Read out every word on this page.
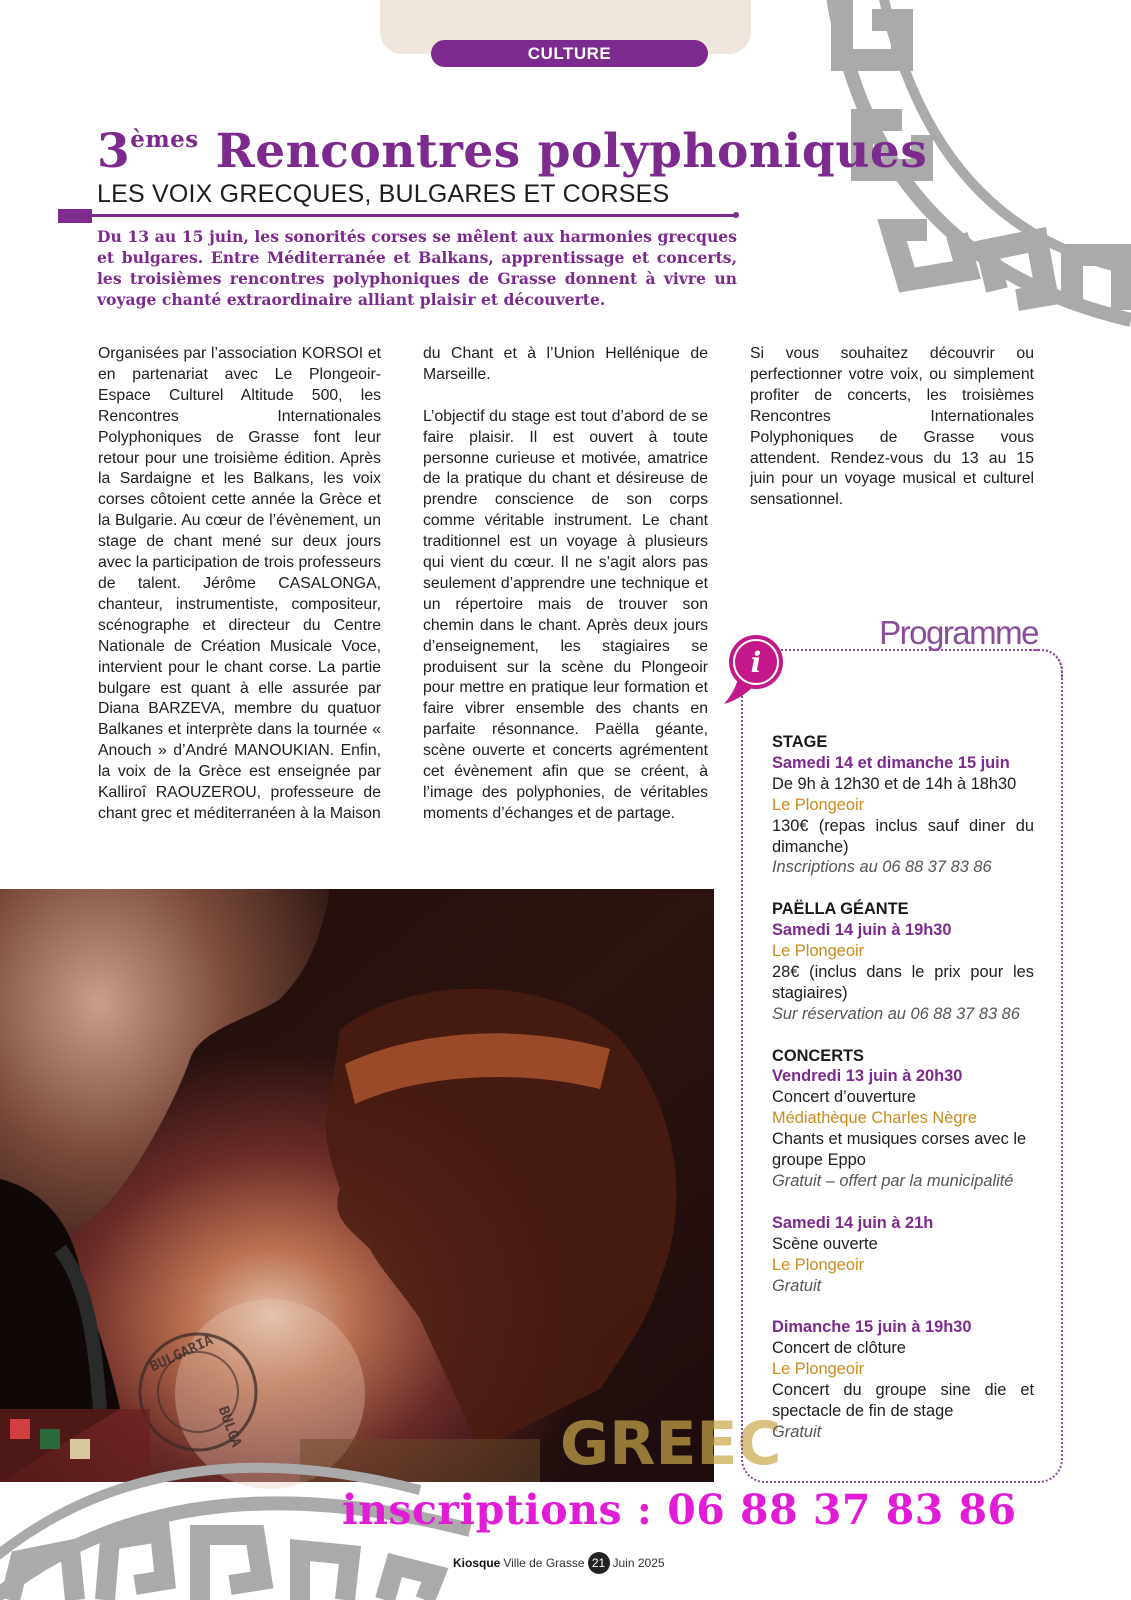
CULTURE
3èmes Rencontres polyphoniques
LES VOIX GRECQUES, BULGARES ET CORSES
Du 13 au 15 juin, les sonorités corses se mêlent aux harmonies grecques et bulgares. Entre Méditerranée et Balkans, apprentissage et concerts, les troisièmes rencontres polyphoniques de Grasse donnent à vivre un voyage chanté extraordinaire alliant plaisir et découverte.

Organisées par l’association KORSOI et en partenariat avec Le Plongeoir- Espace Culturel Altitude 500, les Rencontres Internationales Polyphoniques de Grasse font leur retour pour une troisième édition. Après la Sardaigne et les Balkans, les voix corses côtoient cette année la Grèce et la Bulgarie. Au cœur de l’évènement, un stage de chant mené sur deux jours avec la participation de trois professeurs de talent. Jérôme CASALONGA, chanteur, instrumentiste, compositeur, scénographe et directeur du Centre Nationale de Création Musicale Voce, intervient pour le chant corse. La partie bulgare est quant à elle assurée par Diana BARZEVA, membre du quatuor Balkanes et interprète dans la tournée « Anouch » d’André MANOUKIAN. Enfin, la voix de la Grèce est enseignée par Kalliroî RAOUZEROU, professeure de chant grec et méditerranéen à la Maison

du Chant et à l’Union Hellénique de Marseille.

L’objectif du stage est tout d’abord de se faire plaisir. Il est ouvert à toute personne curieuse et motivée, amatrice de la pratique du chant et désireuse de prendre conscience de son corps comme véritable instrument. Le chant traditionnel est un voyage à plusieurs qui vient du cœur. Il ne s’agit alors pas seulement d’apprendre une technique et un répertoire mais de trouver son chemin dans le chant. Après deux jours d’enseignement, les stagiaires se produisent sur la scène du Plongeoir pour mettre en pratique leur formation et faire vibrer ensemble des chants en parfaite résonnance. Paëlla géante, scène ouverte et concerts agrémentent cet évènement afin que se créent, à l’image des polyphonies, de véritables moments d’échanges et de partage.

Si vous souhaitez découvrir ou perfectionner votre voix, ou simplement profiter de concerts, les troisièmes Rencontres Internationales Polyphoniques de Grasse vous attendent. Rendez-vous du 13 au 15 juin pour un voyage musical et culturel sensationnel.

BULGARIA
BULGA	GREEC
Programme
i
STAGE
Samedi 14 et dimanche 15 juin
De 9h à 12h30 et de 14h à 18h30
Le Plongeoir
130€ (repas inclus sauf diner du dimanche)
Inscriptions au 06 88 37 83 86
PAËLLA GÉANTE
Samedi 14 juin à 19h30
Le Plongeoir
28€ (inclus dans le prix pour les stagiaires)
Sur réservation au 06 88 37 83 86
CONCERTS
Vendredi 13 juin à 20h30
Concert d’ouverture
Médiathèque Charles Nègre
Chants et musiques corses avec le groupe Eppo
Gratuit – offert par la municipalité
Samedi 14 juin à 21h
Scène ouverte
Le Plongeoir
Gratuit
Dimanche 15 juin à 19h30
Concert de clôture
Le Plongeoir
Concert du groupe sine die et spectacle de fin de stage
Gratuit
inscriptions : 06 88 37 83 86
Kiosque Ville de Grasse 21 Juin 2025
